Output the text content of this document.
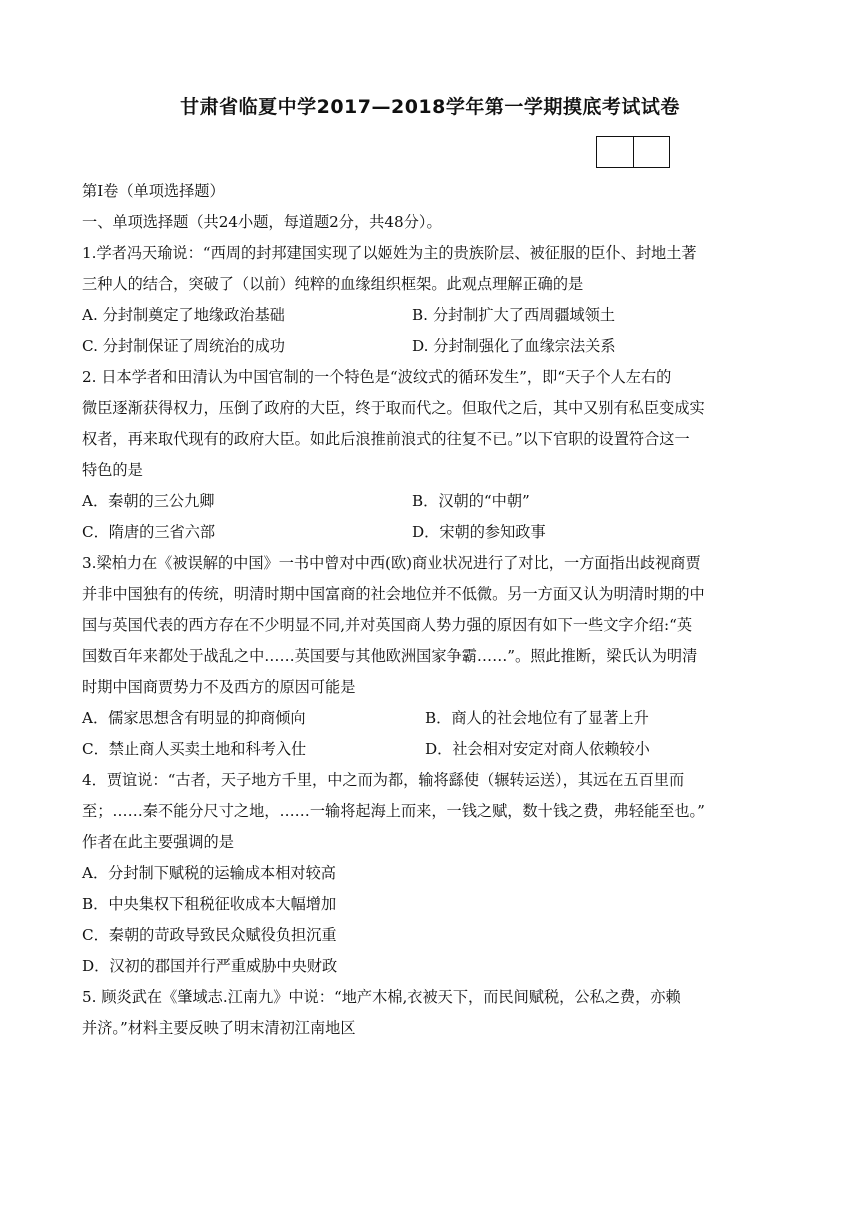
甘肃省临夏中学2017—2018学年第一学期摸底考试试卷
第Ⅰ卷（单项选择题）
一、单项选择题（共24小题，每道题2分，共48分）。
1.学者冯天瑜说：“西周的封邦建国实现了以姬姓为主的贵族阶层、被征服的臣仆、封地土著
三种人的结合，突破了（以前）纯粹的血缘组织框架。此观点理解正确的是
A. 分封制奠定了地缘政治基础	B. 分封制扩大了西周疆域领土
C. 分封制保证了周统治的成功	D. 分封制强化了血缘宗法关系
2. 日本学者和田清认为中国官制的一个特色是“波纹式的循环发生”，即“天子个人左右的
微臣逐渐获得权力，压倒了政府的大臣，终于取而代之。但取代之后，其中又别有私臣变成实
权者，再来取代现有的政府大臣。如此后浪推前浪式的往复不已。”以下官职的设置符合这一
特色的是
A．秦朝的三公九卿	B．汉朝的“中朝”
C．隋唐的三省六部	D．宋朝的参知政事
3.梁柏力在《被误解的中国》一书中曾对中西(欧)商业状况进行了对比，一方面指出歧视商贾
并非中国独有的传统，明清时期中国富商的社会地位并不低微。另一方面又认为明清时期的中
国与英国代表的西方存在不少明显不同,并对英国商人势力强的原因有如下一些文字介绍:“英
国数百年来都处于战乱之中……英国要与其他欧洲国家争霸……”。照此推断，梁氏认为明清
时期中国商贾势力不及西方的原因可能是
A．儒家思想含有明显的抑商倾向	B．商人的社会地位有了显著上升
C．禁止商人买卖土地和科考入仕	D．社会相对安定对商人依赖较小
4．贾谊说：“古者，天子地方千里，中之而为都，输将繇使（辗转运送），其远在五百里而
至；……秦不能分尺寸之地，……一输将起海上而来，一钱之赋，数十钱之费，弗轻能至也。”
作者在此主要强调的是
A．分封制下赋税的运输成本相对较高
B．中央集权下租税征收成本大幅增加
C．秦朝的苛政导致民众赋役负担沉重
D．汉初的郡国并行严重威胁中央财政
5. 顾炎武在《肇域志.江南九》中说：“地产木棉,衣被天下，而民间赋税，公私之费，亦赖
并济。”材料主要反映了明末清初江南地区
